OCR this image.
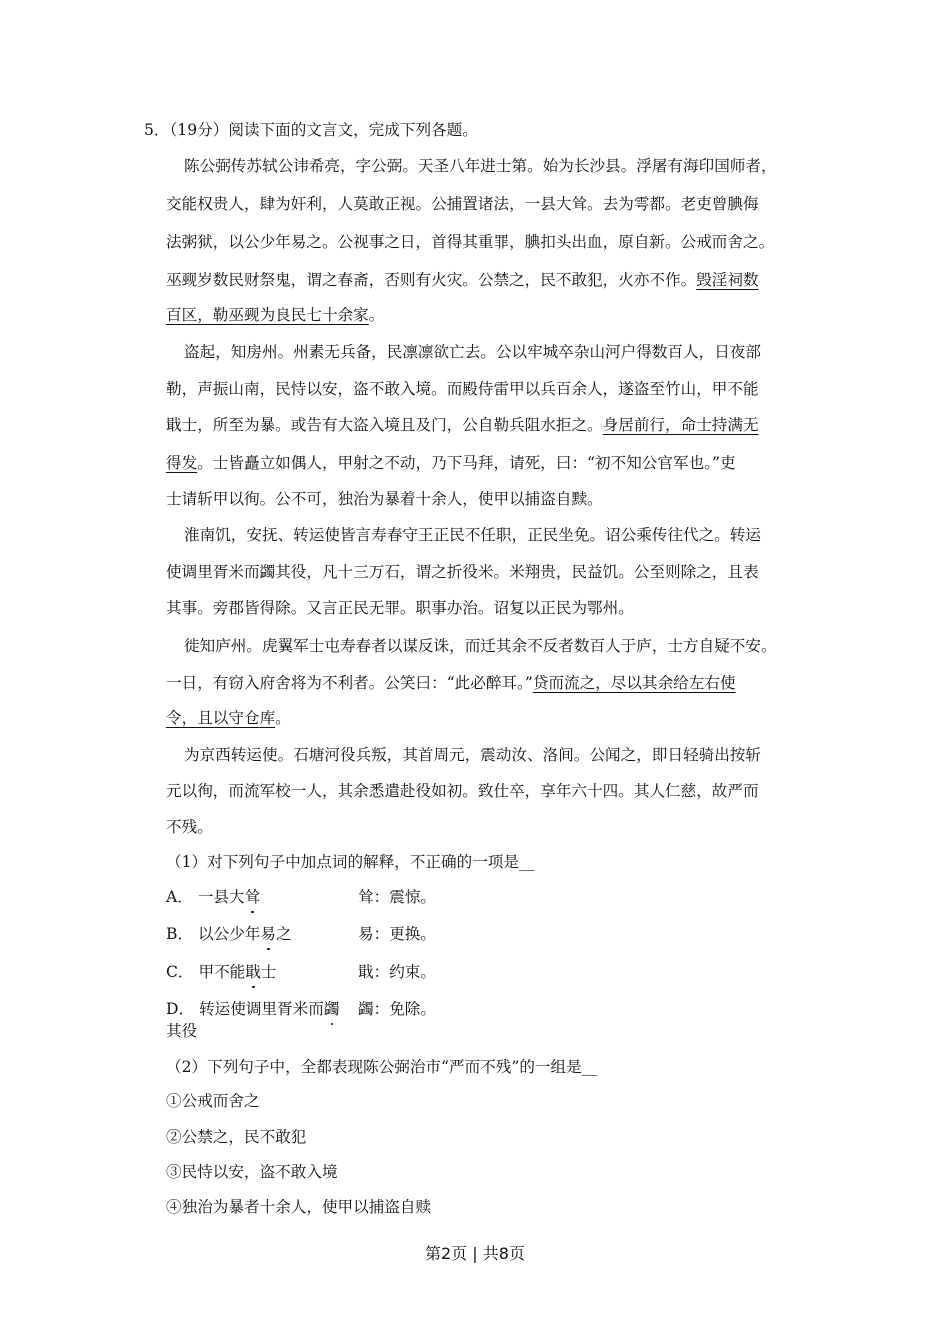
5．（19分）阅读下面的文言文，完成下列各题。
陈公弼传苏轼公讳希亮，字公弼。天圣八年进士第。始为长沙县。浮屠有海印国师者，
交能权贵人，肆为奸利，人莫敢正视。公捕置诸法，一县大耸。去为雩都。老吏曾腆侮
法粥狱，以公少年易之。公视事之日，首得其重罪，腆扣头出血，原自新。公戒而舍之。
巫觋岁数民财祭鬼，谓之春斋，否则有火灾。公禁之，民不敢犯，火亦不作。毁淫祠数
百区，勒巫觋为良民七十余家。
盗起，知房州。州素无兵备，民凛凛欲亡去。公以牢城卒杂山河户得数百人，日夜部
勒，声振山南，民恃以安，盗不敢入境。而殿侍雷甲以兵百余人，遂盗至竹山，甲不能
戢士，所至为暴。或告有大盗入境且及门，公自勒兵阻水拒之。身居前行，命士持满无
得发。士皆矗立如偶人，甲射之不动，乃下马拜，请死，曰：“初不知公官军也。”吏
士请斩甲以徇。公不可，独治为暴着十余人，使甲以捕盗自黩。
淮南饥，安抚、转运使皆言寿春守王正民不任职，正民坐免。诏公乘传往代之。转运
使调里胥米而蠲其役，凡十三万石，谓之折役米。米翔贵，民益饥。公至则除之，且表
其事。旁郡皆得除。又言正民无罪。职事办治。诏复以正民为鄂州。
徙知庐州。虎翼军士屯寿春者以谋反诛，而迁其余不反者数百人于庐，士方自疑不安。
一日，有窃入府舍将为不利者。公笑曰：“此必醉耳。”贷而流之，尽以其余给左右使
令，且以守仓库。
为京西转运使。石塘河役兵叛，其首周元，震动汝、洛间。公闻之，即日轻骑出按斩
元以徇，而流军校一人，其余悉遣赴役如初。致仕卒，享年六十四。其人仁慈，故严而
不残。
（1）对下列句子中加点词的解释，不正确的一项是__
A． 一县大耸	耸：震惊。
B． 以公少年易之	易：更换。
C． 甲不能戢士	戢：约束。
D． 转运使调里胥米而蠲 蠲：免除。
其役
（2）下列句子中，全都表现陈公弼治市“严而不残”的一组是__
①公戒而舍之
②公禁之，民不敢犯
③民恃以安，盗不敢入境
④独治为暴者十余人，使甲以捕盗自赎
第2页 | 共8页
